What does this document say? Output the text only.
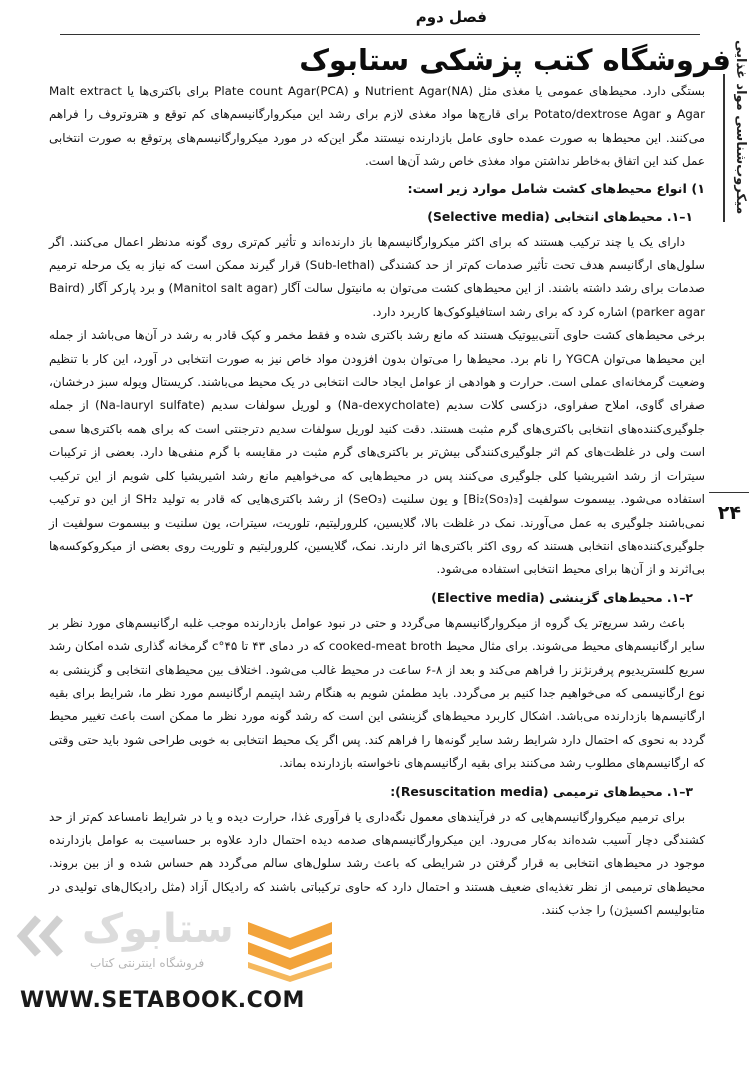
فصل دوم
فروشگاه کتب پزشکی ستابوک میکروب‌شناسی مواد غذایی
۲۴

بستگی دارد. محیط‌های عمومی یا مغذی مثل (NA)Nutrient Agar و (PCA)Plate count Agar برای باکتری‌ها یا Malt extract Agar و Potato/dextrose Agar برای قارچ‌ها مواد مغذی لازم برای رشد این میکروارگانیسم‌های کم توقع و هتروتروف را فراهم می‌کنند. این محیط‌ها به صورت عمده حاوی عامل بازدارنده نیستند مگر این‌که در مورد میکروارگانیسم‌های پرتوقع به صورت انتخابی عمل کند این اتفاق به‌خاطر نداشتن مواد مغذی خاص رشد آن‌ها است.

۱) انواع محیط‌های کشت شامل موارد زیر است:
۱–۱. محیط‌های انتخابی (Selective media)

دارای یک یا چند ترکیب هستند که برای اکثر میکروارگانیسم‌ها باز دارنده‌اند و تأثیر کم‌تری روی گونه مدنظر اعمال می‌کنند. اگر سلول‌های ارگانیسم هدف تحت تأثیر صدمات کم‌تر از حد کشندگی (Sub-lethal) قرار گیرند ممکن است که نیاز به یک مرحله ترمیم صدمات برای رشد داشته باشند. از این محیط‌های کشت می‌توان به مانیتول سالت آگار (Manitol salt agar) و برد پارکر آگار (Baird parker agar) اشاره کرد که برای رشد استافیلوکوک‌ها کاربرد دارد.

برخی محیط‌های کشت حاوی آنتی‌بیوتیک هستند که مانع رشد باکتری شده و فقط مخمر و کپک قادر به رشد در آن‌ها می‌باشد از جمله این محیط‌ها می‌توان YGCA را نام برد. محیط‌ها را می‌توان بدون افزودن مواد خاص نیز به صورت انتخابی در آورد، این کار با تنظیم وضعیت گرمخانه‌ای عملی است. حرارت و هوادهی از عوامل ایجاد حالت انتخابی در یک محیط می‌باشند. کریستال ویوله سبز درخشان، صفرای گاوی، املاح صفراوی، دزکسی کلات سدیم (Na-dexycholate) و لوریل سولفات سدیم (Na-lauryl sulfate) از جمله جلوگیری‌کننده‌های انتخابی باکتری‌های گرم مثبت هستند. دقت کنید لوریل سولفات سدیم دترجنتی است که برای همه باکتری‌ها سمی است ولی در غلظت‌های کم اثر جلوگیری‌کنندگی بیش‌تر بر باکتری‌های گرم مثبت در مقایسه با گرم منفی‌ها دارد. بعضی از ترکیبات سیترات از رشد اشیریشیا کلی جلوگیری می‌کنند پس در محیط‌هایی که می‌خواهیم مانع رشد اشیریشیا کلی شویم از این ترکیب استفاده می‌شود. بیسموت سولفیت [Bi₂(So₃)₃] و یون سلنیت (SeO₃) از رشد باکتری‌هایی که قادر به تولید SH₂ از این دو ترکیب نمی‌باشند جلوگیری به عمل می‌آورند. نمک در غلظت بالا، گلایسین، کلرورلیتیم، تلوریت، سیترات، یون سلنیت و بیسموت سولفیت از جلوگیری‌کننده‌های انتخابی هستند که روی اکثر باکتری‌ها اثر دارند. نمک، گلایسین، کلرورلیتیم و تلوریت روی بعضی از میکروکوکسه‌ها بی‌اثرند و از آن‌ها برای محیط انتخابی استفاده می‌شود.

۲–۱. محیط‌های گزینشی (Elective media)

باعث رشد سریع‌تر یک گروه از میکروارگانیسم‌ها می‌گردد و حتی در نبود عوامل بازدارنده موجب غلبه ارگانیسم‌های مورد نظر بر سایر ارگانیسم‌های محیط می‌شوند. برای مثال محیط cooked-meat broth که در دمای ۴۳ تا ۴۵°c گرمخانه گذاری شده امکان رشد سریع کلستریدیوم پرفرنژنز را فراهم می‌کند و بعد از ۸-۶ ساعت در محیط غالب می‌شود. اختلاف بین محیط‌های انتخابی و گزینشی به نوع ارگانیسمی که می‌خواهیم جدا کنیم بر می‌گردد. باید مطمئن شویم به هنگام رشد اپتیمم ارگانیسم مورد نظر ما، شرایط برای بقیه ارگانیسم‌ها بازدارنده می‌باشد. اشکال کاربرد محیط‌های گزینشی این است که رشد گونه مورد نظر ما ممکن است باعث تغییر محیط گردد به نحوی که احتمال دارد شرایط رشد سایر گونه‌ها را فراهم کند. پس اگر یک محیط انتخابی به خوبی طراحی شود باید حتی وقتی که ارگانیسم‌های مطلوب رشد می‌کنند برای بقیه ارگانیسم‌های ناخواسته بازدارنده بماند.

۳–۱. محیط‌های ترمیمی (Resuscitation media):

برای ترمیم میکروارگانیسم‌هایی که در فرآیندهای معمول نگه‌داری یا فرآوری غذا، حرارت دیده و یا در شرایط نامساعد کم‌تر از حد کشندگی دچار آسیب شده‌اند به‌کار می‌رود. این میکروارگانیسم‌های صدمه دیده احتمال دارد علاوه بر حساسیت به عوامل بازدارنده موجود در محیط‌های انتخابی به قرار گرفتن در شرایطی که باعث رشد سلول‌های سالم می‌گردد هم حساس شده و از بین بروند. محیط‌های ترمیمی از نظر تغذیه‌ای ضعیف هستند و احتمال دارد که حاوی ترکیباتی باشند که رادیکال آزاد (مثل رادیکال‌های تولیدی در متابولیسم اکسیژن) را جذب کنند.

ستابوک
فروشگاه اینترنتی کتاب
WWW.SETABOOK.COM
